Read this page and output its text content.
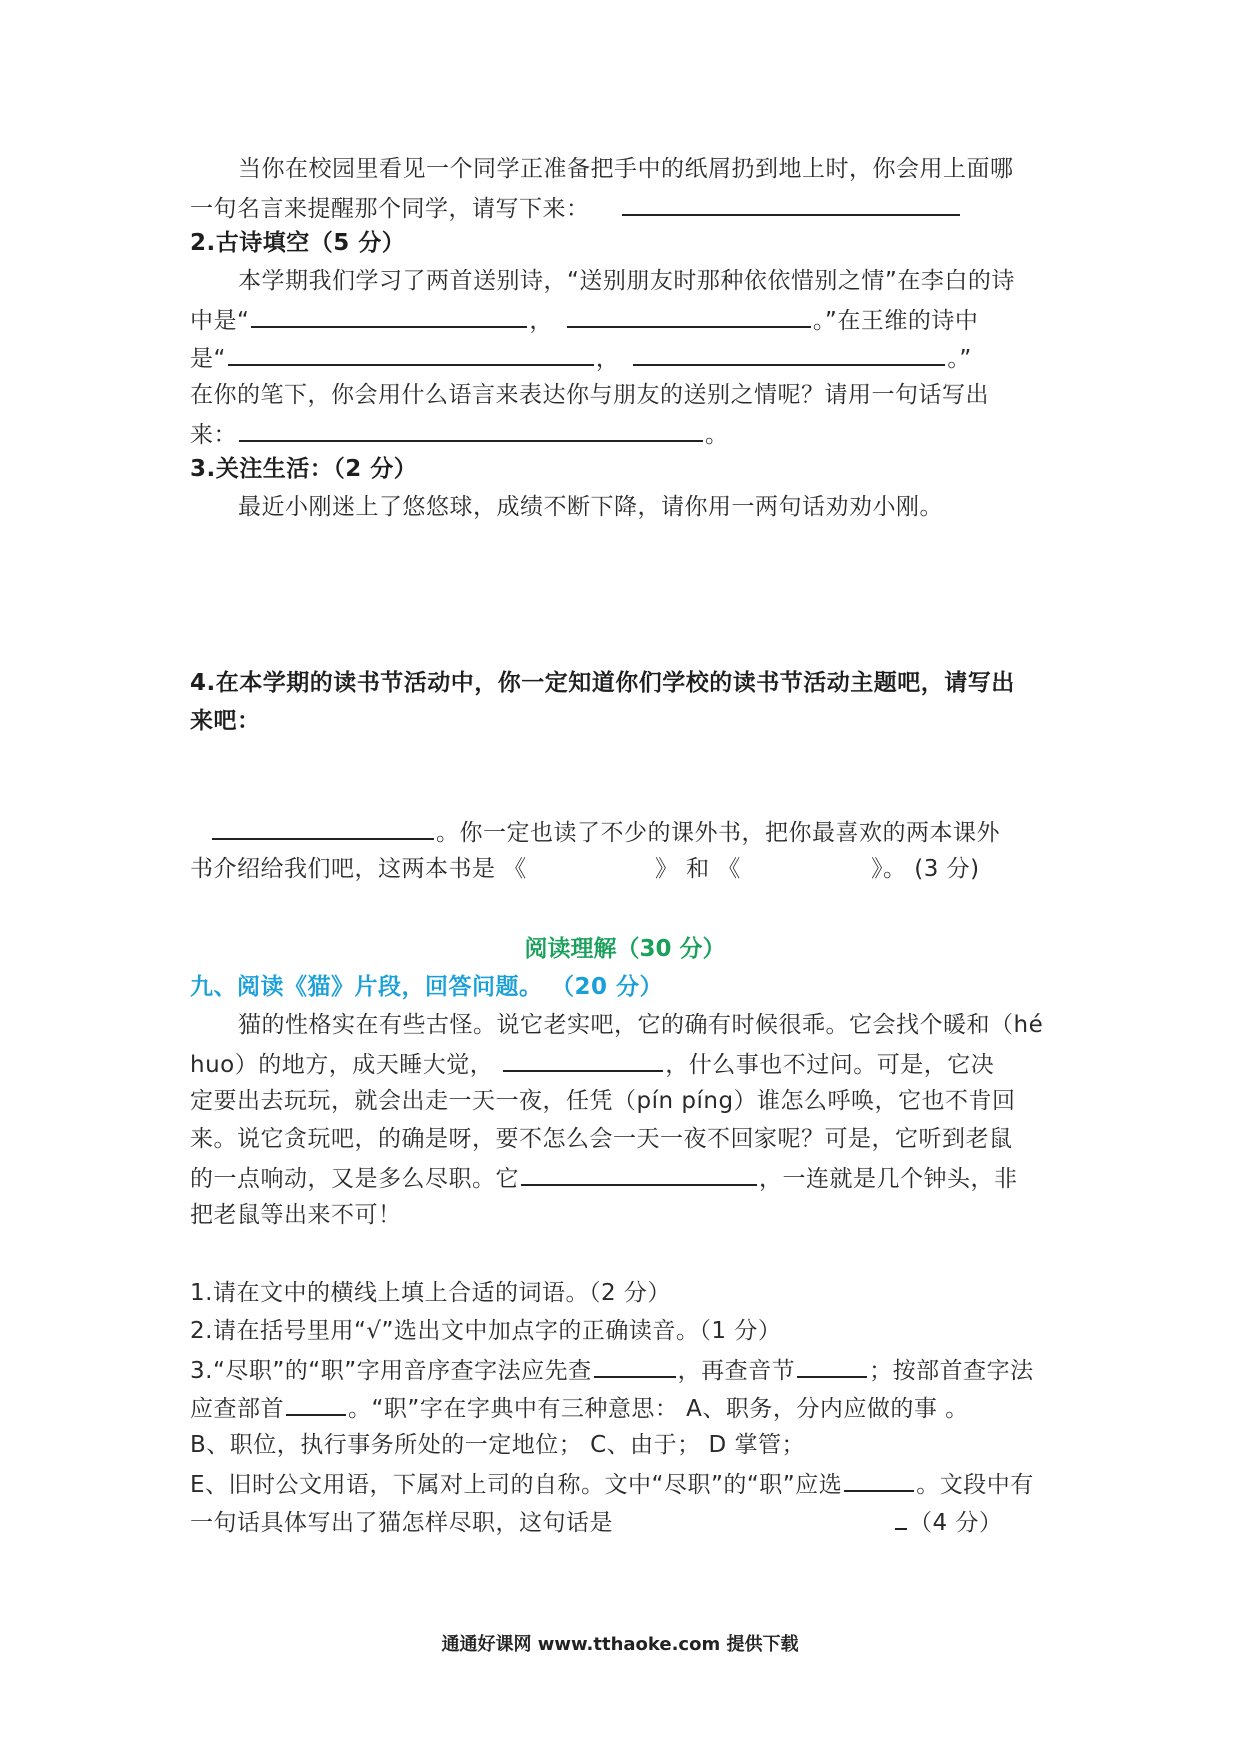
当你在校园里看见一个同学正准备把手中的纸屑扔到地上时，你会用上面哪
一句名言来提醒那个同学，请写下来：
2.古诗填空（5 分）
本学期我们学习了两首送别诗，“送别朋友时那种依依惜别之情”在李白的诗
中是“	，	。”在王维的诗中
是“	，	。”
在你的笔下，你会用什么语言来表达你与朋友的送别之情呢？请用一句话写出
来：	。
3.关注生活：（2 分）
最近小刚迷上了悠悠球，成绩不断下降，请你用一两句话劝劝小刚。
4.在本学期的读书节活动中，你一定知道你们学校的读书节活动主题吧，请写出
来吧：
。你一定也读了不少的课外书，把你最喜欢的两本课外
书介绍给我们吧，这两本书是 《	》 和 《	》。 (3 分)
阅读理解（30 分）
九、阅读《猫》片段，回答问题。 （20 分）
猫的性格实在有些古怪。说它老实吧，它的确有时候很乖。它会找个暖和（hé
huo）的地方，成天睡大觉，	，什么事也不过问。可是，它决
定要出去玩玩，就会出走一天一夜，任凭（pín píng）谁怎么呼唤，它也不肯回
来。说它贪玩吧，的确是呀，要不怎么会一天一夜不回家呢？可是，它听到老鼠
的一点响动，又是多么尽职。它	，一连就是几个钟头，非
把老鼠等出来不可！
1.请在文中的横线上填上合适的词语。（2 分）
2.请在括号里用“√”选出文中加点字的正确读音。（1 分）
3.“尽职”的“职”字用音序查字法应先查	，再查音节	；按部首查字法
应查部首	。“职”字在字典中有三种意思： A、职务，分内应做的事 。
B、职位，执行事务所处的一定地位； C、由于； D 掌管；
E、旧时公文用语，下属对上司的自称。文中“尽职”的“职”应选	。文段中有
一句话具体写出了猫怎样尽职，这句话是	（4 分）
通通好课网 www.tthaoke.com 提供下载
